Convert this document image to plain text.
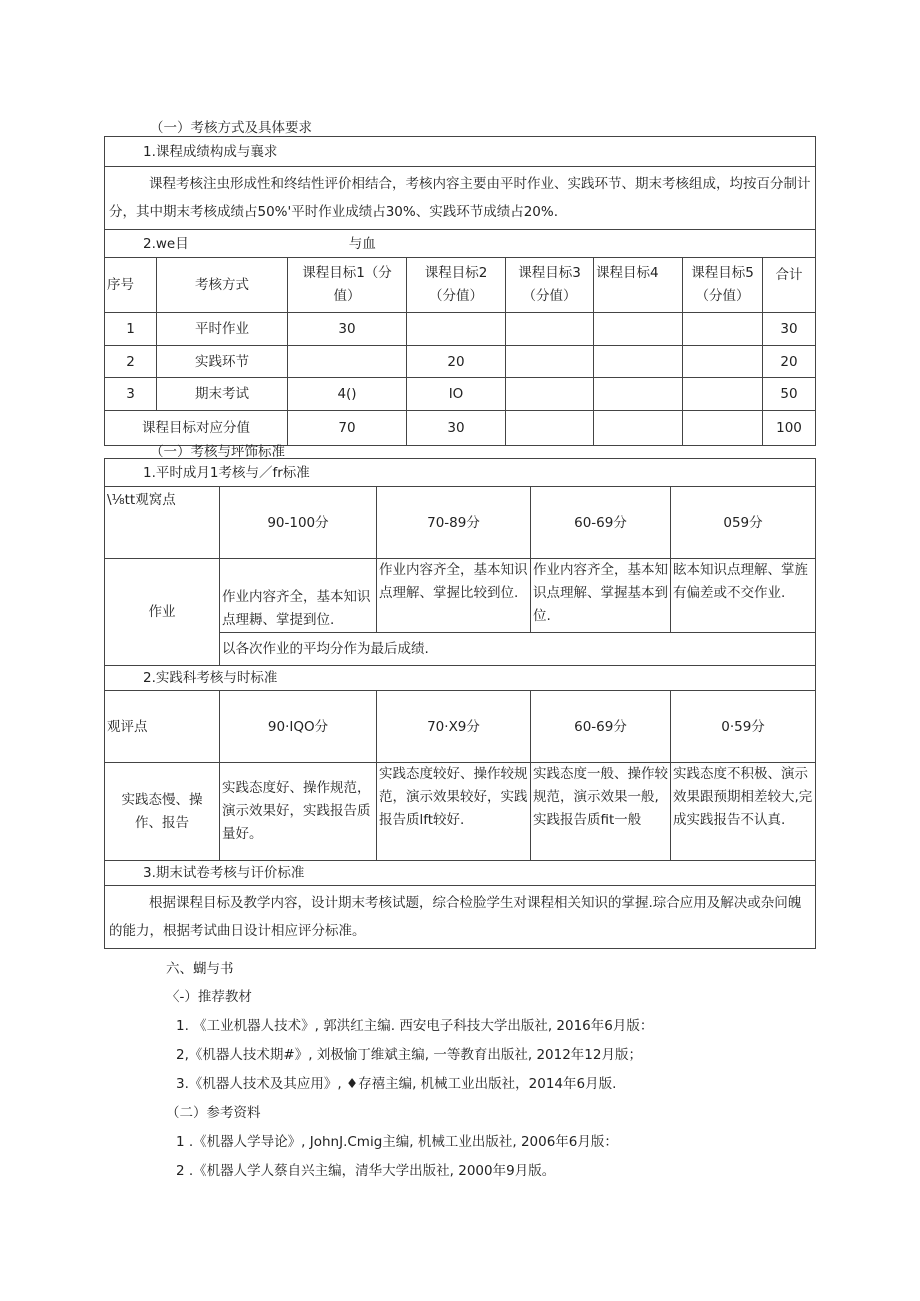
（一）考核方式及具体要求
1.课程成绩构成与襄求							
课程考核注虫形成性和终结性评价相结合，考核内容主要由平时作业、实践环节、期末考核组成，均按百分制计分，其中期末考核成绩占50%'平时作业成绩占30%、实践环节成绩占20%.							
2.we目 与血							
序号	考核方式	课程目标1（分值）	课程目标2（分值）	课程目标3（分值）	课程目标4	课程目标5（分值）	合计
1	平时作业	30					30
2	实践环节		20				20
3	期末考试	4()	IO				50
课程目标对应分值		70	30				100
（一）考核与坪饰标准
1.平时成月1考核与／fr标准				
\⅛tt观窝点	90-100分	70-89分	60-69分	059分
作业	作业内容齐全，基本知识点理耨、掌提到位.	作业内容齐全，基本知识点理解、掌握比较到位.	作业内容齐全，基本知识点理解、掌握基本到位.	眩本知识点理解、掌旌有偏差或不交作业.
	以各次作业的平均分作为最后成绩.			
2.实践科考核与时标准				
观评点	90·IQO分	70·X9分	60-69分	0·59分
实践态慢、操作、报告	实践态度好、操作规范，演示效果好，实践报告质量好。	实践态度较好、操作较规范，演示效果较好，实践报告质lft较好.	实践态度一般、操作较规范，演示效果一般,实践报告质fit一般	实践态度不积极、演示效果跟预期相差较大,完成实践报告不认真.
3.期末试卷考核与讦价标准				
根据课程目标及教学内容，设计期末考核试题，综合检脸学生对课程相关知识的掌握.琮合应用及解决或杂问魄的能力，根据考试曲日设计相应评分标准。				
六、蝴与书
〈-）推荐教材
1. 《工业机器人技术》, 郭洪红主编. 西安电子科技大学出版社, 2016年6月版：
2,《机器人技术期#》, 刘极愉丁维斌主编, 一等教育出版社, 2012年12月版；
3.《机器人技术及其应用》, ♦存禧主编, 机械工业出版社，2014年6月版.
（二）参考资料
1 .《机器人学导论》, JohnJ.Cmig主编, 机械工业出版社, 2006年6月版：
2 .《机器人学人蔡自兴主编，清华大学出版社, 2000年9月版。
